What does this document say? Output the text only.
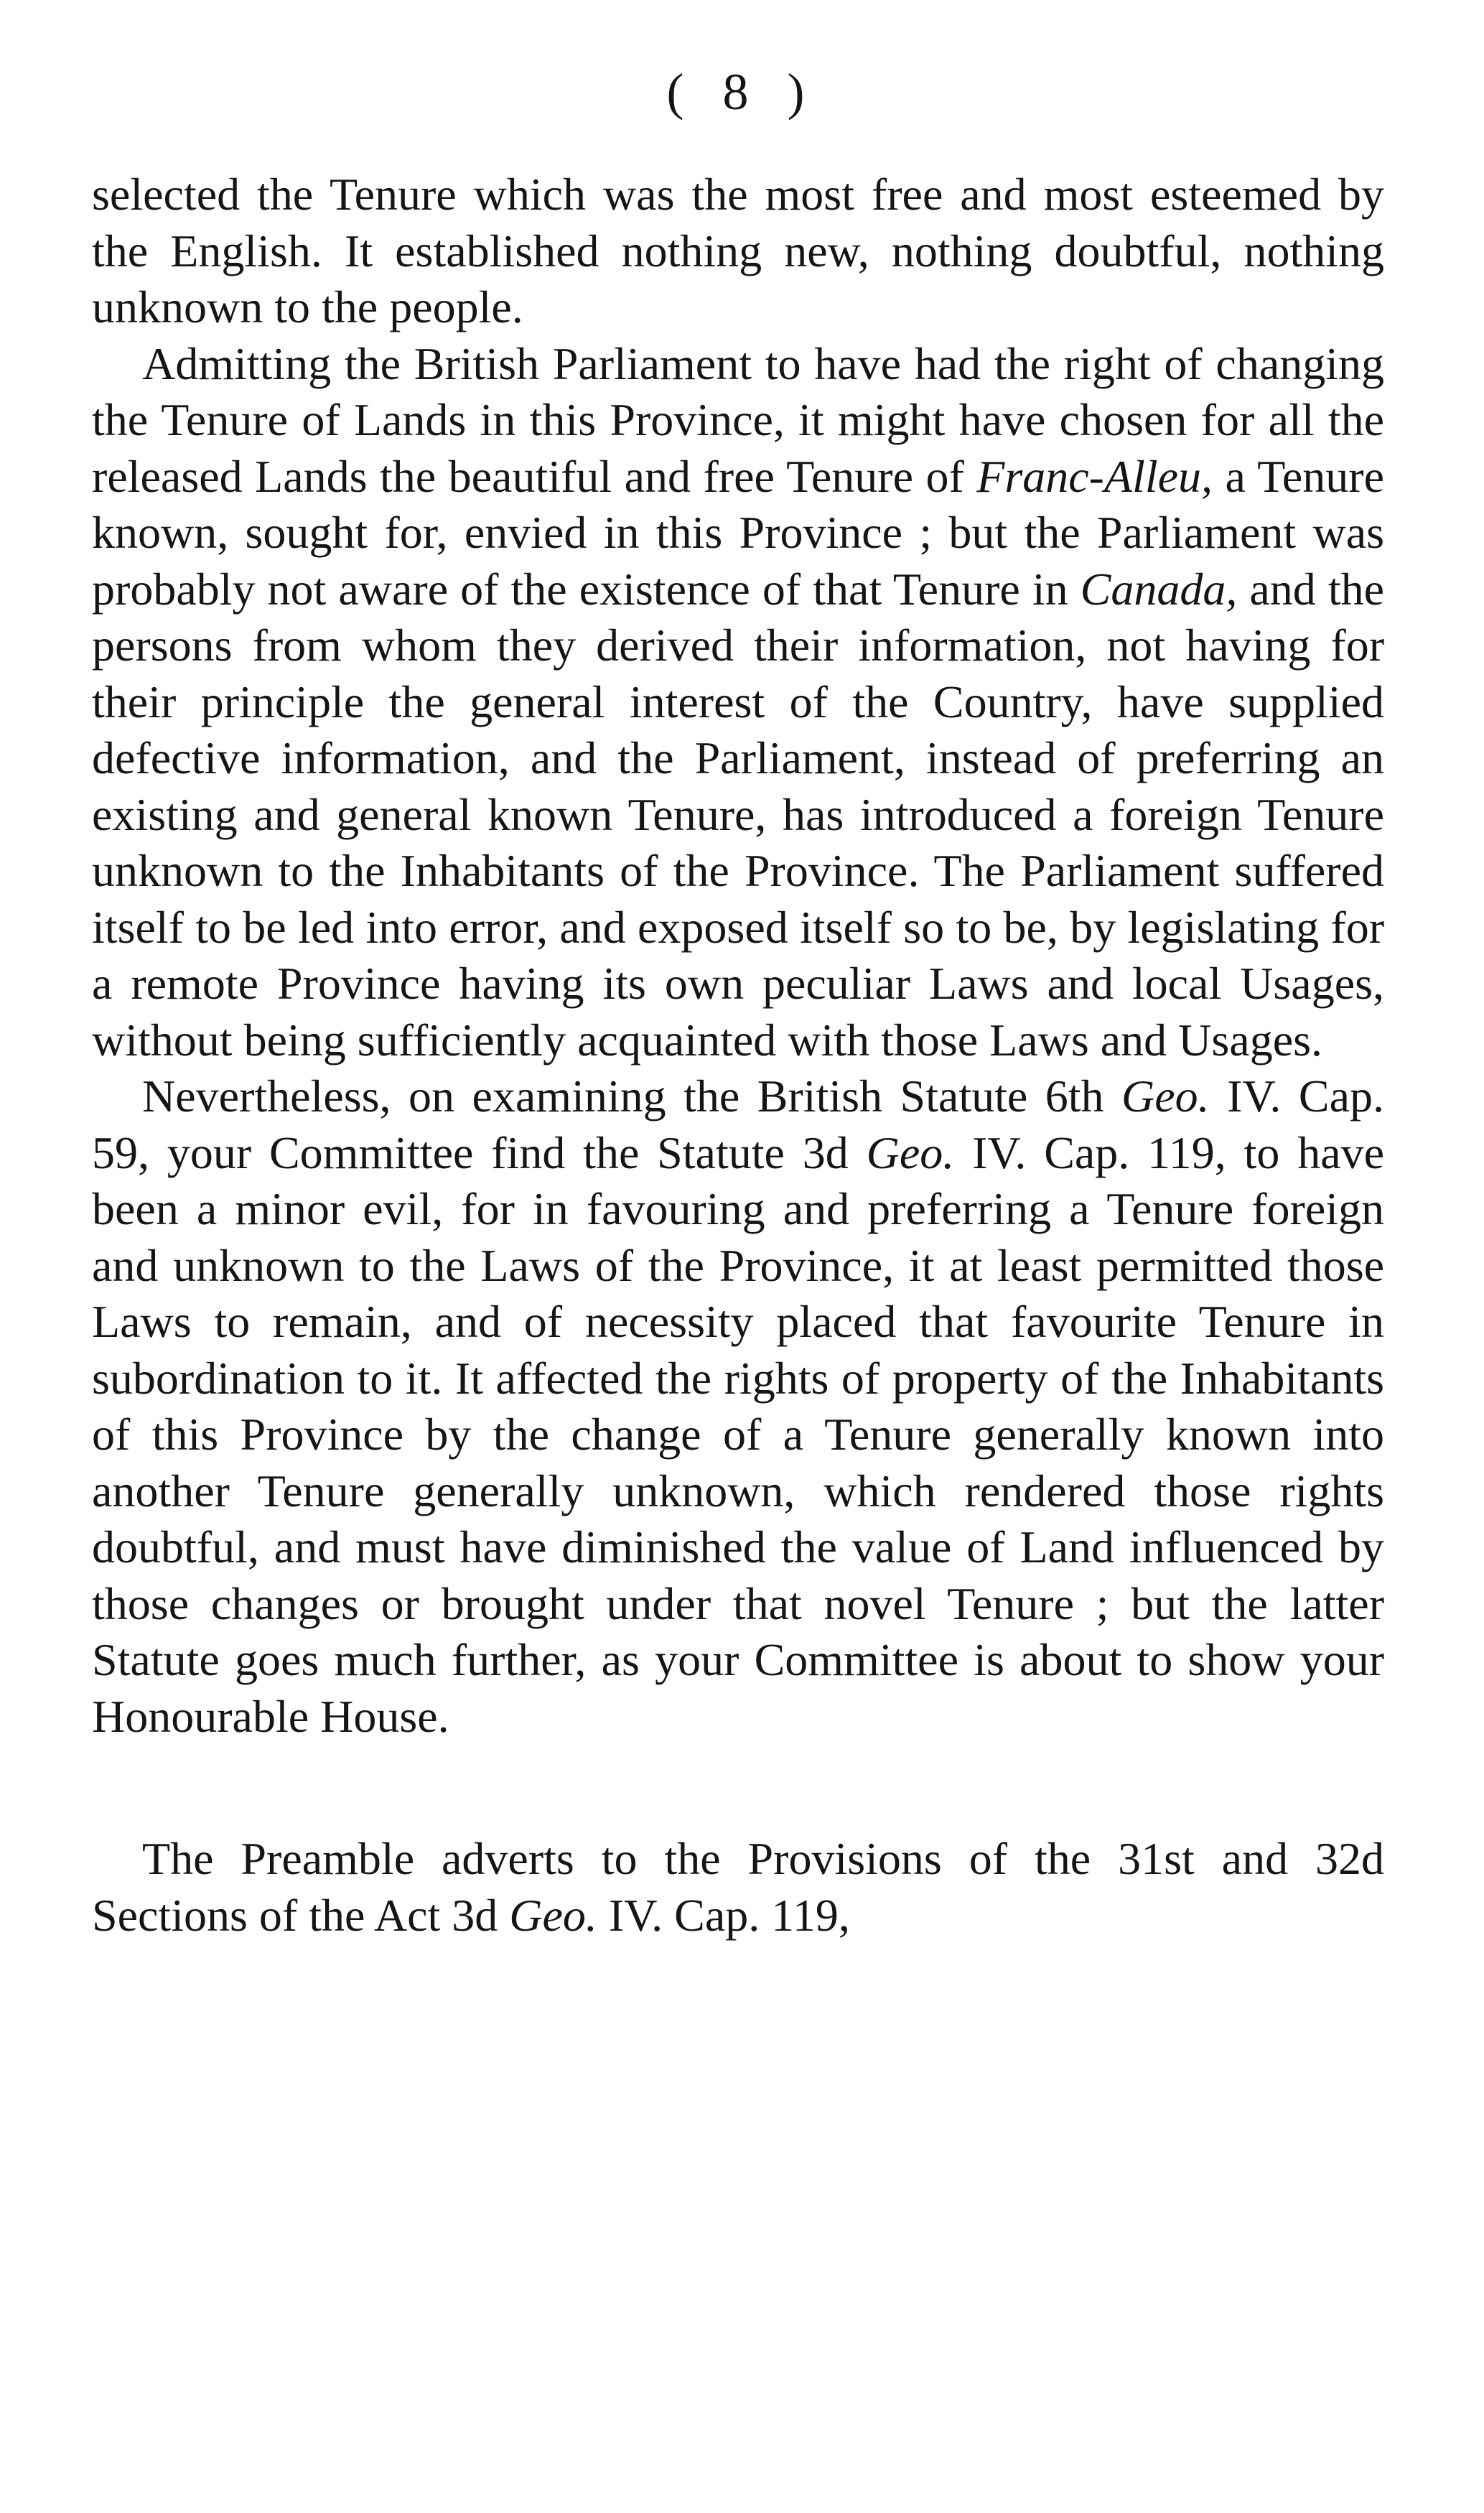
( 8 )

selected the Tenure which was the most free and most esteemed by the English. It established nothing new, nothing doubtful, nothing unknown to the people.

Admitting the British Parliament to have had the right of changing the Tenure of Lands in this Province, it might have chosen for all the released Lands the beautiful and free Tenure of Franc-Alleu, a Tenure known, sought for, envied in this Province ; but the Parliament was probably not aware of the existence of that Tenure in Canada, and the persons from whom they derived their information, not having for their principle the general interest of the Country, have supplied defective information, and the Parliament, instead of preferring an existing and general known Tenure, has introduced a foreign Tenure unknown to the Inhabitants of the Province. The Parliament suffered itself to be led into error, and exposed itself so to be, by legislating for a remote Province having its own peculiar Laws and local Usages, without being sufficiently acquainted with those Laws and Usages.

Nevertheless, on examining the British Statute 6th Geo. IV. Cap. 59, your Committee find the Statute 3d Geo. IV. Cap. 119, to have been a minor evil, for in favouring and preferring a Tenure foreign and unknown to the Laws of the Province, it at least permitted those Laws to remain, and of necessity placed that favourite Tenure in subordination to it. It affected the rights of property of the Inhabitants of this Province by the change of a Tenure generally known into another Tenure generally unknown, which rendered those rights doubtful, and must have diminished the value of Land influenced by those changes or brought under that novel Tenure ; but the latter Statute goes much further, as your Committee is about to show your Honourable House.

The Preamble adverts to the Provisions of the 31st and 32d Sections of the Act 3d Geo. IV. Cap. 119,
